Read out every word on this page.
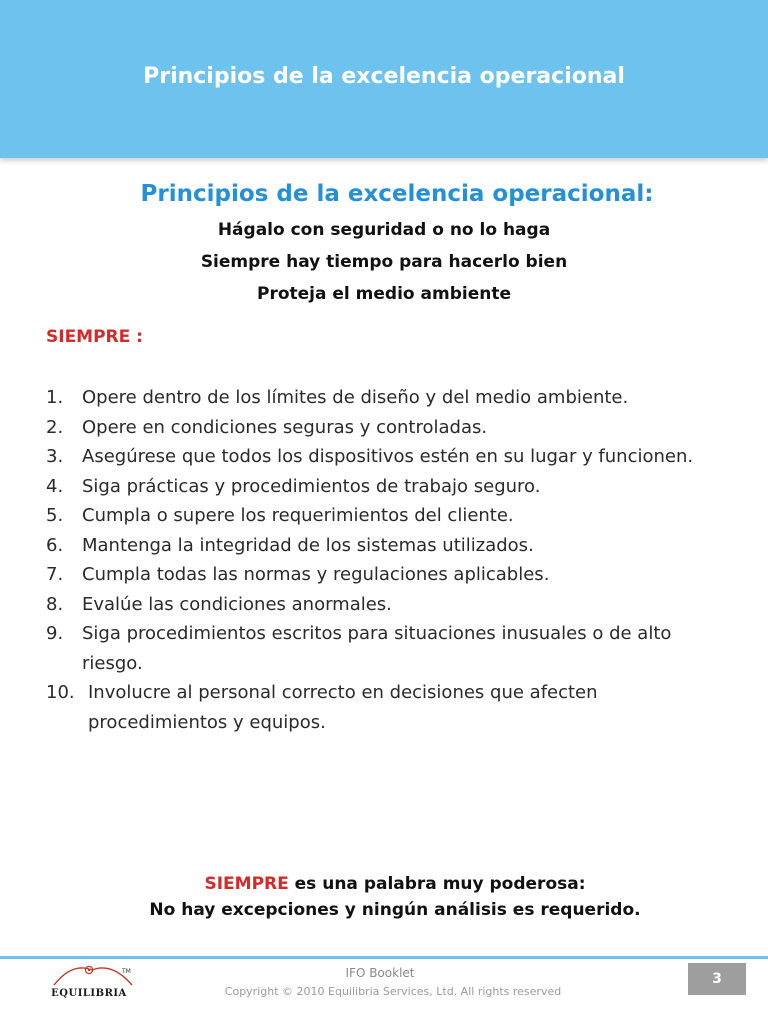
Principios de la excelencia operacional
Principios de la excelencia operacional:
Hágalo con seguridad o no lo haga
Siempre hay tiempo para hacerlo bien
Proteja el medio ambiente
SIEMPRE :
1.	Opere dentro de los límites de diseño y del medio ambiente.
2.	Opere en condiciones seguras y controladas.
3.	Asegúrese que todos los dispositivos estén en su lugar y funcionen.
4.	Siga prácticas y procedimientos de trabajo seguro.
5.	Cumpla o supere los requerimientos del cliente.
6.	Mantenga la integridad de los sistemas utilizados.
7.	Cumpla todas las normas y regulaciones aplicables.
8.	Evalúe las condiciones anormales.
9.	Siga procedimientos escritos para situaciones inusuales o de alto riesgo.
10. Involucre al personal correcto en decisiones que afecten procedimientos y equipos.
SIEMPRE es una palabra muy poderosa:
No hay excepciones y ningún análisis es requerido.
EQUILIBRIA
TM	IFO Booklet
Copyright © 2010 Equilibria Services, Ltd. All rights reserved
3
